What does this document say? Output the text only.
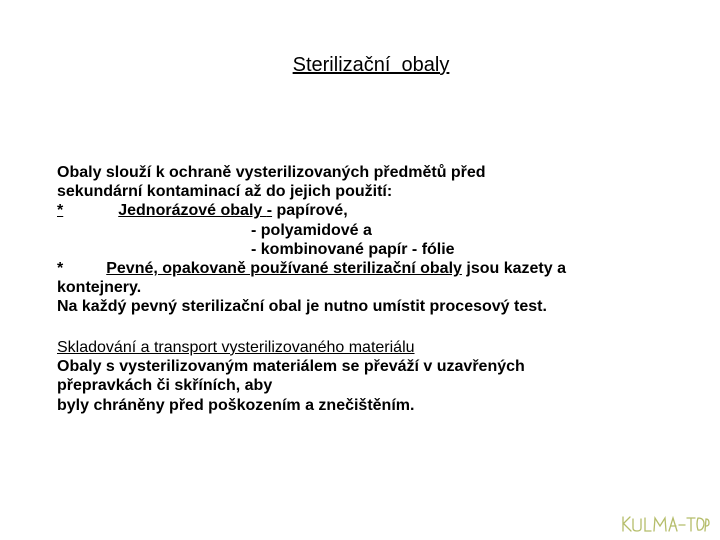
Sterilizační  obaly
Obaly slouží k ochraně vysterilizovaných předmětů před
sekundární kontaminací až do jejich použití:
*	Jednorázové obaly - papírové,
- polyamidové a
- kombinované papír - fólie
*	Pevné, opakovaně používané sterilizační obaly jsou kazety a
kontejnery.
Na každý pevný sterilizační obal je nutno umístit procesový test.
Skladování a transport vysterilizovaného materiálu
Obaly s vysterilizovaným materiálem se převáží v uzavřených
přepravkách či skříních, aby
byly chráněny před poškozením a znečištěním.
